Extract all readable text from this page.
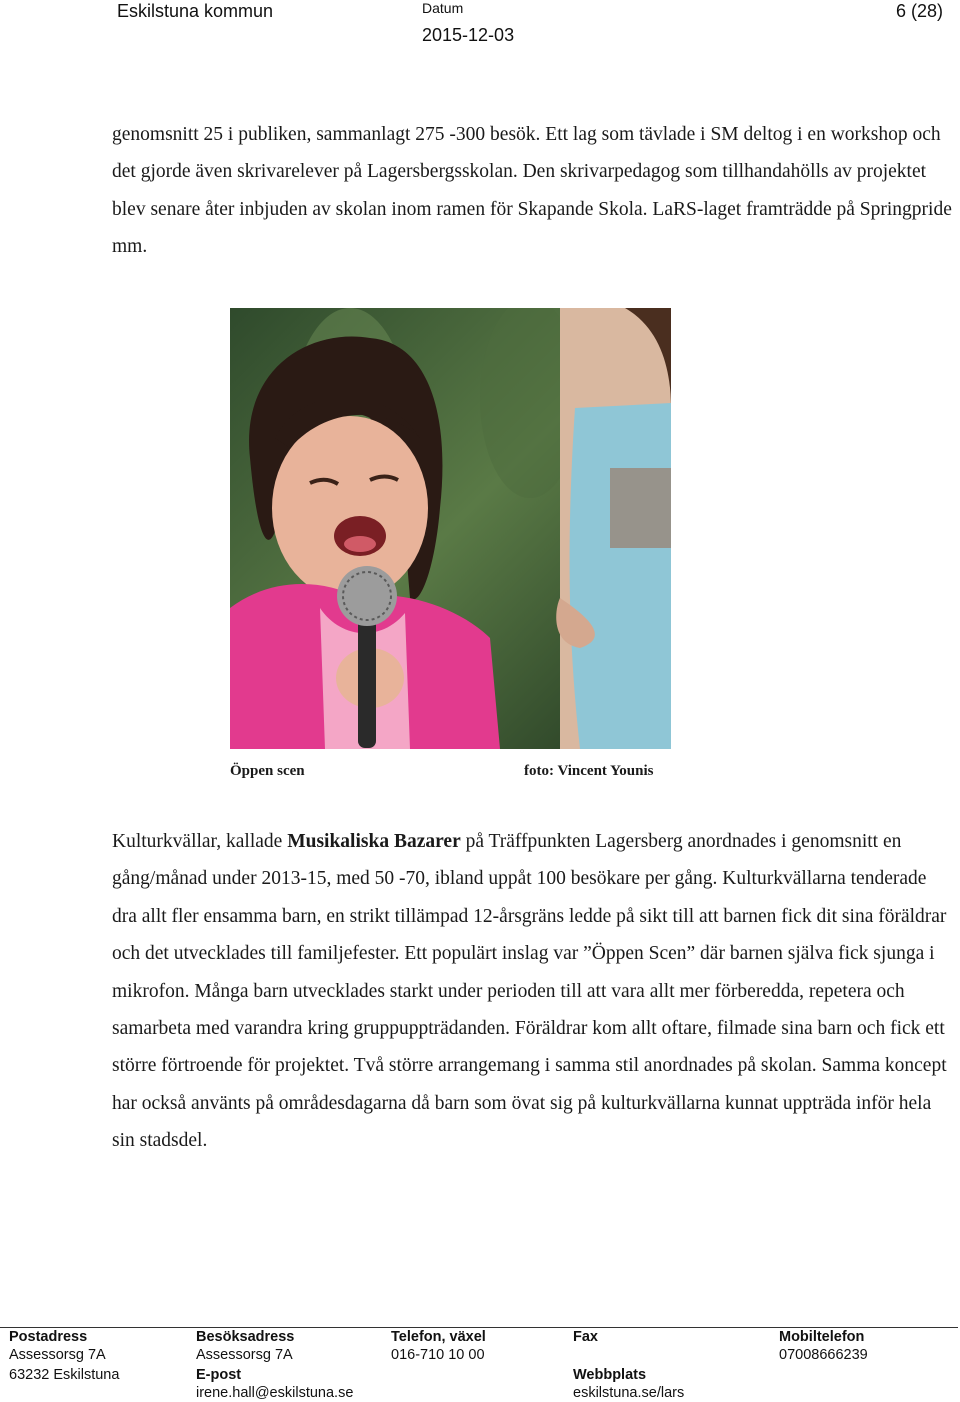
Eskilstuna kommun	Datum
2015-12-03
6 (28)

genomsnitt 25 i publiken, sammanlagt 275 -300 besök. Ett lag som tävlade i SM deltog i en workshop och det gjorde även skrivarelever på Lagersbergsskolan. Den skrivarpedagog som tillhandahölls av projektet blev senare åter inbjuden av skolan inom ramen för Skapande Skola. LaRS-laget framträdde på Springpride mm.

Öppen scen	foto: Vincent Younis

Kulturkvällar, kallade Musikaliska Bazarer på Träffpunkten Lagersberg anordnades i genomsnitt en gång/månad under 2013-15, med 50 -70, ibland uppåt 100 besökare per gång. Kulturkvällarna tenderade dra allt fler ensamma barn, en strikt tillämpad 12-årsgräns ledde på sikt till att barnen fick dit sina föräldrar och det utvecklades till familjefester. Ett populärt inslag var ”Öppen Scen” där barnen själva fick sjunga i mikrofon. Många barn utvecklades starkt under perioden till att vara allt mer förberedda, repetera och samarbeta med varandra kring gruppuppträdanden. Föräldrar kom allt oftare, filmade sina barn och fick ett större förtroende för projektet. Två större arrangemang i samma stil anordnades på skolan. Samma koncept har också använts på områdesdagarna då barn som övat sig på kulturkvällarna kunnat uppträda inför hela sin stadsdel.

Postadress
Assessorsg 7A
63232 Eskilstuna
Besöksadress
Assessorsg 7A
E-post
irene.hall@eskilstuna.se
Telefon, växel
016-710 10 00
Fax
Webbplats
eskilstuna.se/lars
Mobiltelefon
07008666239
